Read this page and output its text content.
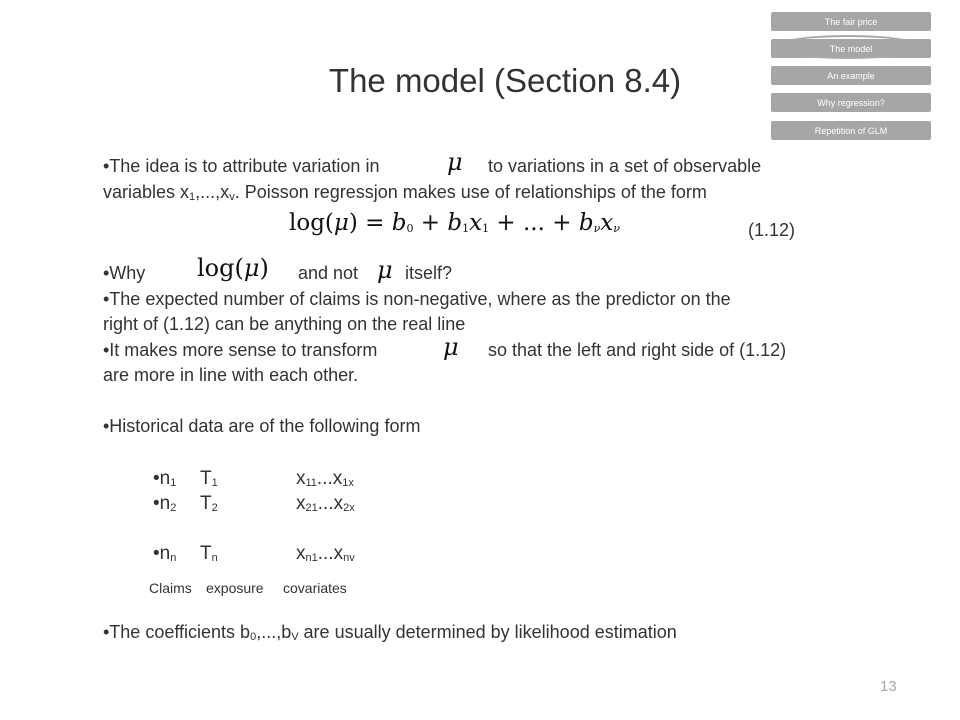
The fair price
The model
An example
Why regression?
Repetition of GLM
The model (Section 8.4)
•The idea is to attribute variation in	μ to variations in a set of observable
variables $x_1,...,x_v$. Poisson regressjon makes use of relationships of the form
$\log(\mu) = b_0 + b_1x_1$ + ... + $b_\nu x_\nu$	(1.12)
•Why log(μ) and not μ itself?
•The expected number of claims is non-negative, where as the predictor on the
right of (1.12) can be anything on the real line
•It makes more sense to transform	μ so that the left and right side of (1.12)
are more in line with each other.
•Historical data are of the following form
$•n_1$ $T_1$	$x_{11}...x_{1x}$
$•n_2$ $T_2$	$x_{21}...x_{2x}$
$•n_n$ $T_n$	$x_{n1}...x_{nv}$
Claims exposure covariates
•The coefficients $b_0,...,b_V$ are usually determined by likelihood estimation
13
